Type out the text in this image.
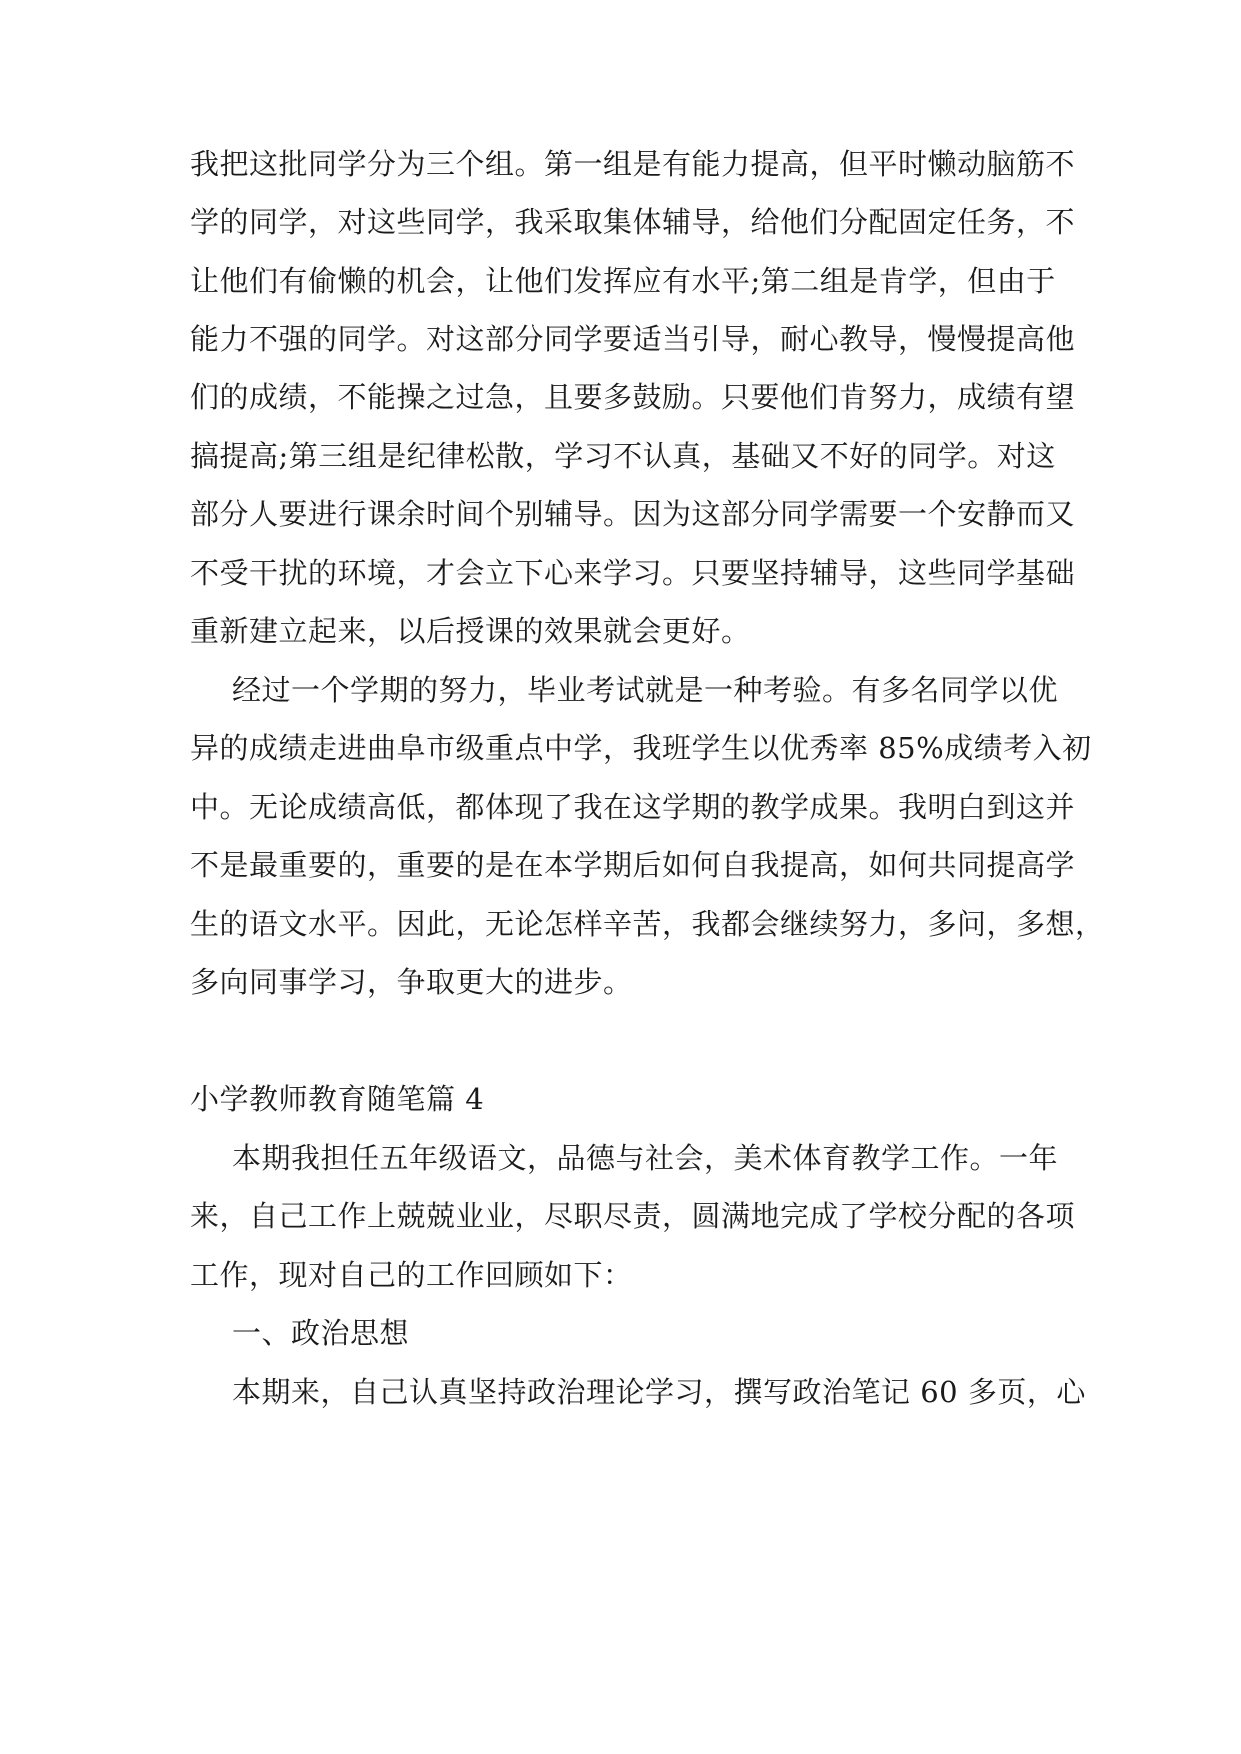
我把这批同学分为三个组。第一组是有能力提高，但平时懒动脑筋不
学的同学，对这些同学，我采取集体辅导，给他们分配固定任务，不
让他们有偷懒的机会，让他们发挥应有水平;第二组是肯学，但由于
能力不强的同学。对这部分同学要适当引导，耐心教导，慢慢提高他
们的成绩，不能操之过急，且要多鼓励。只要他们肯努力，成绩有望
搞提高;第三组是纪律松散，学习不认真，基础又不好的同学。对这
部分人要进行课余时间个别辅导。因为这部分同学需要一个安静而又
不受干扰的环境，才会立下心来学习。只要坚持辅导，这些同学基础
重新建立起来，以后授课的效果就会更好。
经过一个学期的努力，毕业考试就是一种考验。有多名同学以优
异的成绩走进曲阜市级重点中学，我班学生以优秀率 85%成绩考入初
中。无论成绩高低，都体现了我在这学期的教学成果。我明白到这并
不是最重要的，重要的是在本学期后如何自我提高，如何共同提高学
生的语文水平。因此，无论怎样辛苦，我都会继续努力，多问，多想，
多向同事学习，争取更大的进步。
小学教师教育随笔篇 4
本期我担任五年级语文，品德与社会，美术体育教学工作。一年
来，自己工作上兢兢业业，尽职尽责，圆满地完成了学校分配的各项
工作，现对自己的工作回顾如下：
一、政治思想
本期来，自己认真坚持政治理论学习，撰写政治笔记 60 多页，心
